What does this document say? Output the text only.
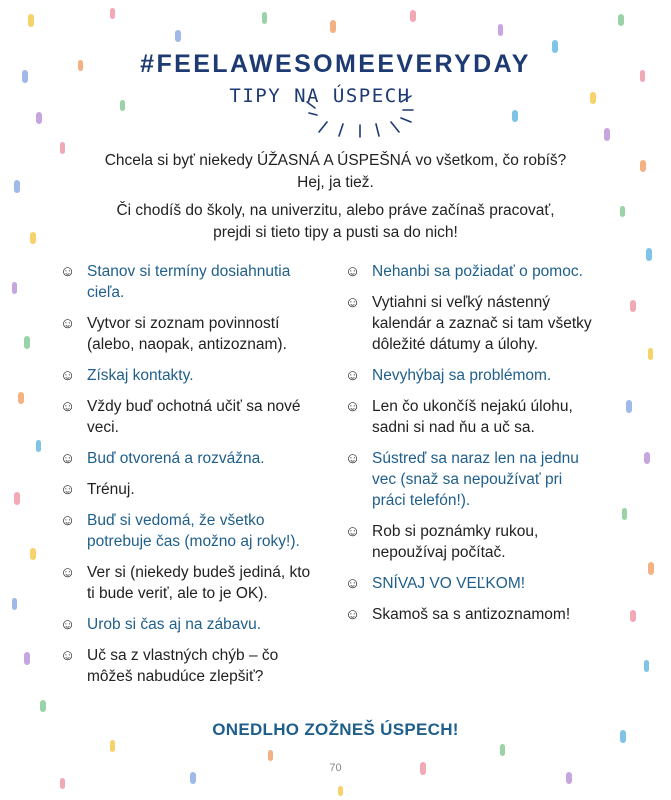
#FEELAWESOMEEVERYDAY
TIPY NA ÚSPECH
Chcela si byť niekedy ÚŽASNÁ A ÚSPEŠNÁ vo všetkom, čo robíš?
Hej, ja tiež.
Či chodíš do školy, na univerzitu, alebo práve začínaš pracovať,
prejdi si tieto tipy a pusti sa do nich!
☺ Stanov si termíny dosiahnutia cieľa.
☺ Vytvor si zoznam povinností (alebo, naopak, antizoznam).
☺ Získaj kontakty.
☺ Vždy buď ochotná učiť sa nové veci.
☺ Buď otvorená a rozvážna.
☺ Trénuj.
☺ Buď si vedomá, že všetko potrebuje čas (možno aj roky!).
☺ Ver si (niekedy budeš jediná, kto ti bude veriť, ale to je OK).
☺ Urob si čas aj na zábavu.
☺ Uč sa z vlastných chýb – čo môžeš nabudúce zlepšiť?
☺ Nehanbi sa požiadať o pomoc.
☺ Vytiahni si veľký nástenný kalendár a zaznač si tam všetky dôležité dátumy a úlohy.
☺ Nevyhýbaj sa problémom.
☺ Len čo ukončíš nejakú úlohu, sadni si nad ňu a uč sa.
☺ Sústreď sa naraz len na jednu vec (snaž sa nepoužívať pri práci telefón!).
☺ Rob si poznámky rukou, nepoužívaj počítač.
☺ SNÍVAJ VO VEĽKOM!
☺ Skamoš sa s antizoznamom!
ONEDLHO ZOŽNEŠ ÚSPECH!
70
